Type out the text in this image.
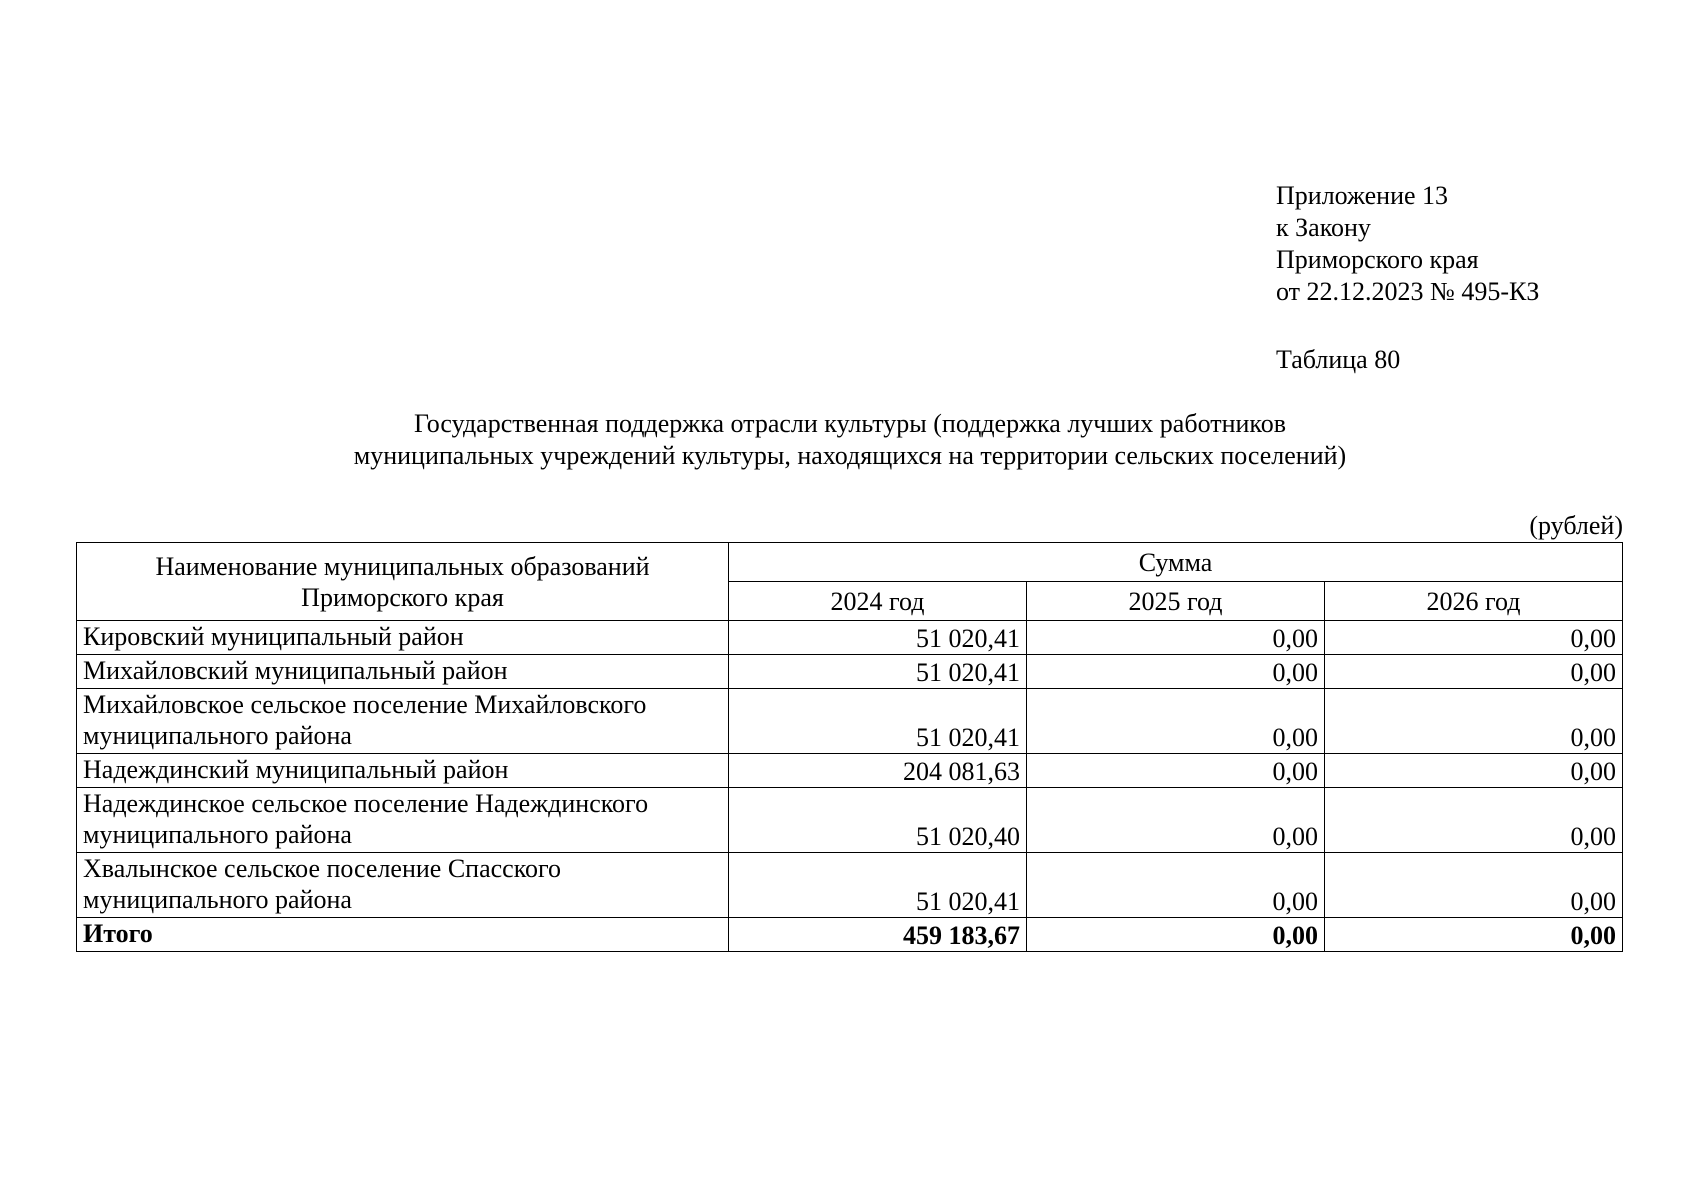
Приложение 13
к Закону
Приморского края
от 22.12.2023 № 495-КЗ
Таблица 80
Государственная поддержка отрасли культуры (поддержка лучших работников
муниципальных учреждений культуры, находящихся на территории сельских поселений)
(рублей)
Наименование муниципальных образований Приморского края	Сумма		
	2024 год	2025 год	2026 год
Кировский муниципальный район	51 020,41	0,00	0,00
Михайловский муниципальный район	51 020,41	0,00	0,00
Михайловское сельское поселение Михайловского муниципального района	51 020,41	0,00	0,00
Надеждинский муниципальный район	204 081,63	0,00	0,00
Надеждинское сельское поселение Надеждинского муниципального района	51 020,40	0,00	0,00
Хвалынское сельское поселение Спасского муниципального района	51 020,41	0,00	0,00
Итого	459 183,67	0,00	0,00
